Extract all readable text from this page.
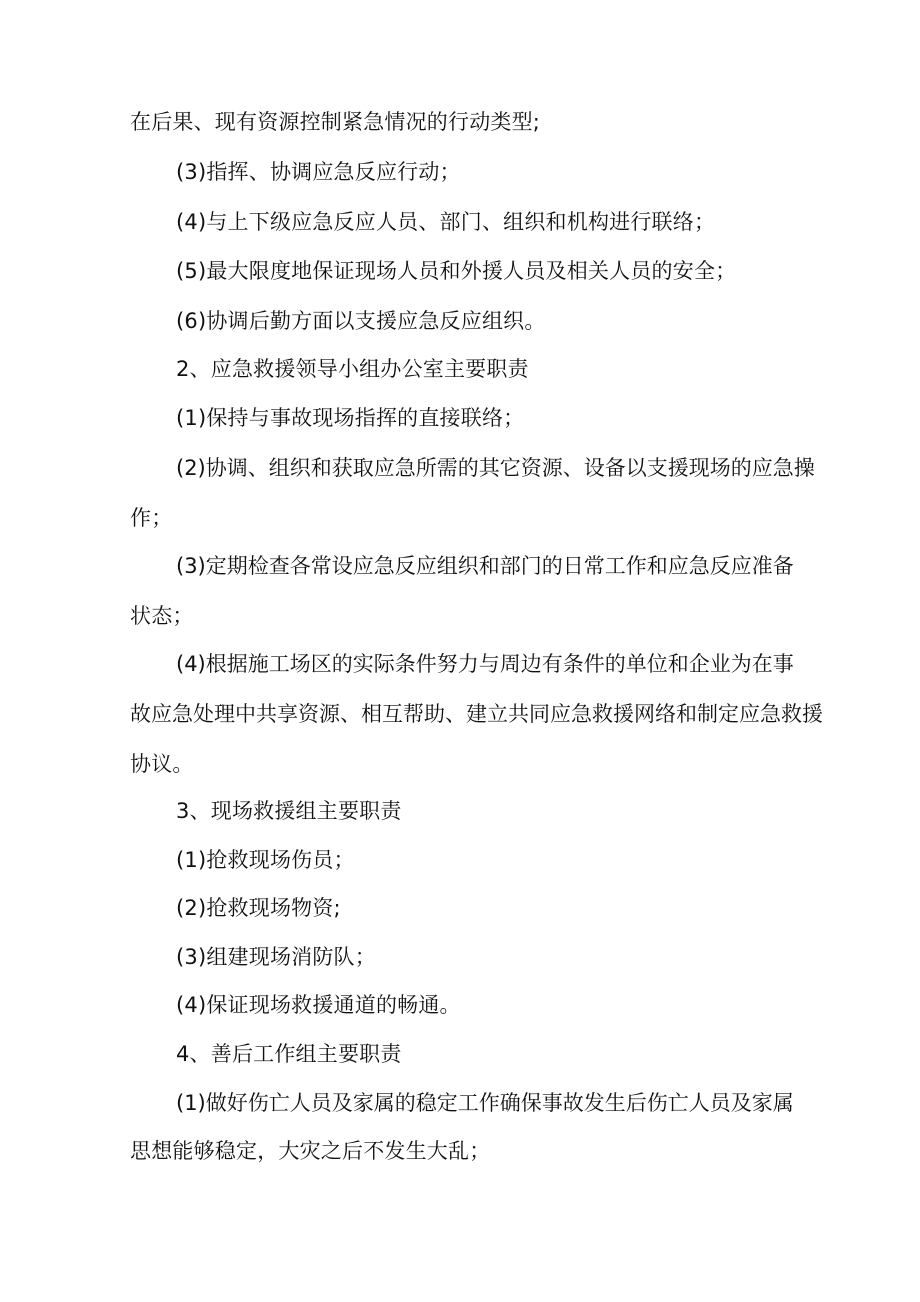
在后果、现有资源控制紧急情况的行动类型;
(3)指挥、协调应急反应行动；
(4)与上下级应急反应人员、部门、组织和机构进行联络；
(5)最大限度地保证现场人员和外援人员及相关人员的安全；
(6)协调后勤方面以支援应急反应组织。
2、应急救援领导小组办公室主要职责
(1)保持与事故现场指挥的直接联络；
(2)协调、组织和获取应急所需的其它资源、设备以支援现场的应急操
作；
(3)定期检查各常设应急反应组织和部门的日常工作和应急反应准备
状态；
(4)根据施工场区的实际条件努力与周边有条件的单位和企业为在事
故应急处理中共享资源、相互帮助、建立共同应急救援网络和制定应急救援
协议。
3、现场救援组主要职责
(1)抢救现场伤员；
(2)抢救现场物资;
(3)组建现场消防队；
(4)保证现场救援通道的畅通。
4、善后工作组主要职责
(1)做好伤亡人员及家属的稳定工作确保事故发生后伤亡人员及家属
思想能够稳定，大灾之后不发生大乱；
